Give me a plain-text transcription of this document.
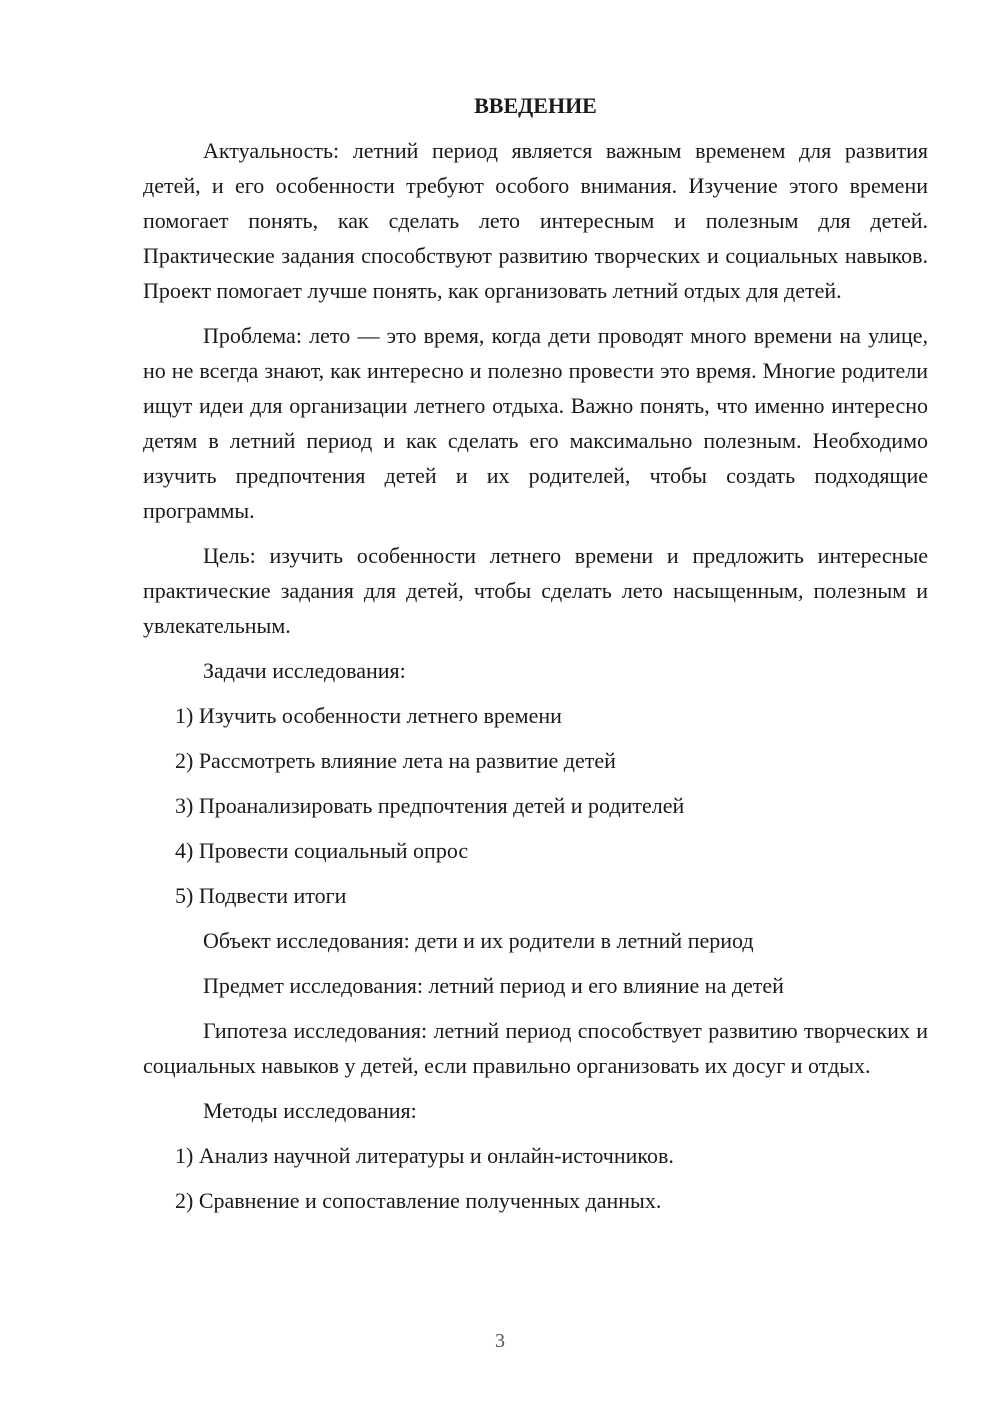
ВВЕДЕНИЕ

Актуальность: летний период является важным временем для развития детей, и его особенности требуют особого внимания. Изучение этого времени помогает понять, как сделать лето интересным и полезным для детей. Практические задания способствуют развитию творческих и социальных навыков. Проект помогает лучше понять, как организовать летний отдых для детей.

Проблема: лето — это время, когда дети проводят много времени на улице, но не всегда знают, как интересно и полезно провести это время. Многие родители ищут идеи для организации летнего отдыха. Важно понять, что именно интересно детям в летний период и как сделать его максимально полезным. Необходимо изучить предпочтения детей и их родителей, чтобы создать подходящие программы.

Цель: изучить особенности летнего времени и предложить интересные практические задания для детей, чтобы сделать лето насыщенным, полезным и увлекательным.

Задачи исследования:

1) Изучить особенности летнего времени

2) Рассмотреть влияние лета на развитие детей

3) Проанализировать предпочтения детей и родителей

4) Провести социальный опрос

5) Подвести итоги

Объект исследования: дети и их родители в летний период

Предмет исследования: летний период и его влияние на детей

Гипотеза исследования: летний период способствует развитию творческих и социальных навыков у детей, если правильно организовать их досуг и отдых.

Методы исследования:

1) Анализ научной литературы и онлайн-источников.

2) Сравнение и сопоставление полученных данных.

3
